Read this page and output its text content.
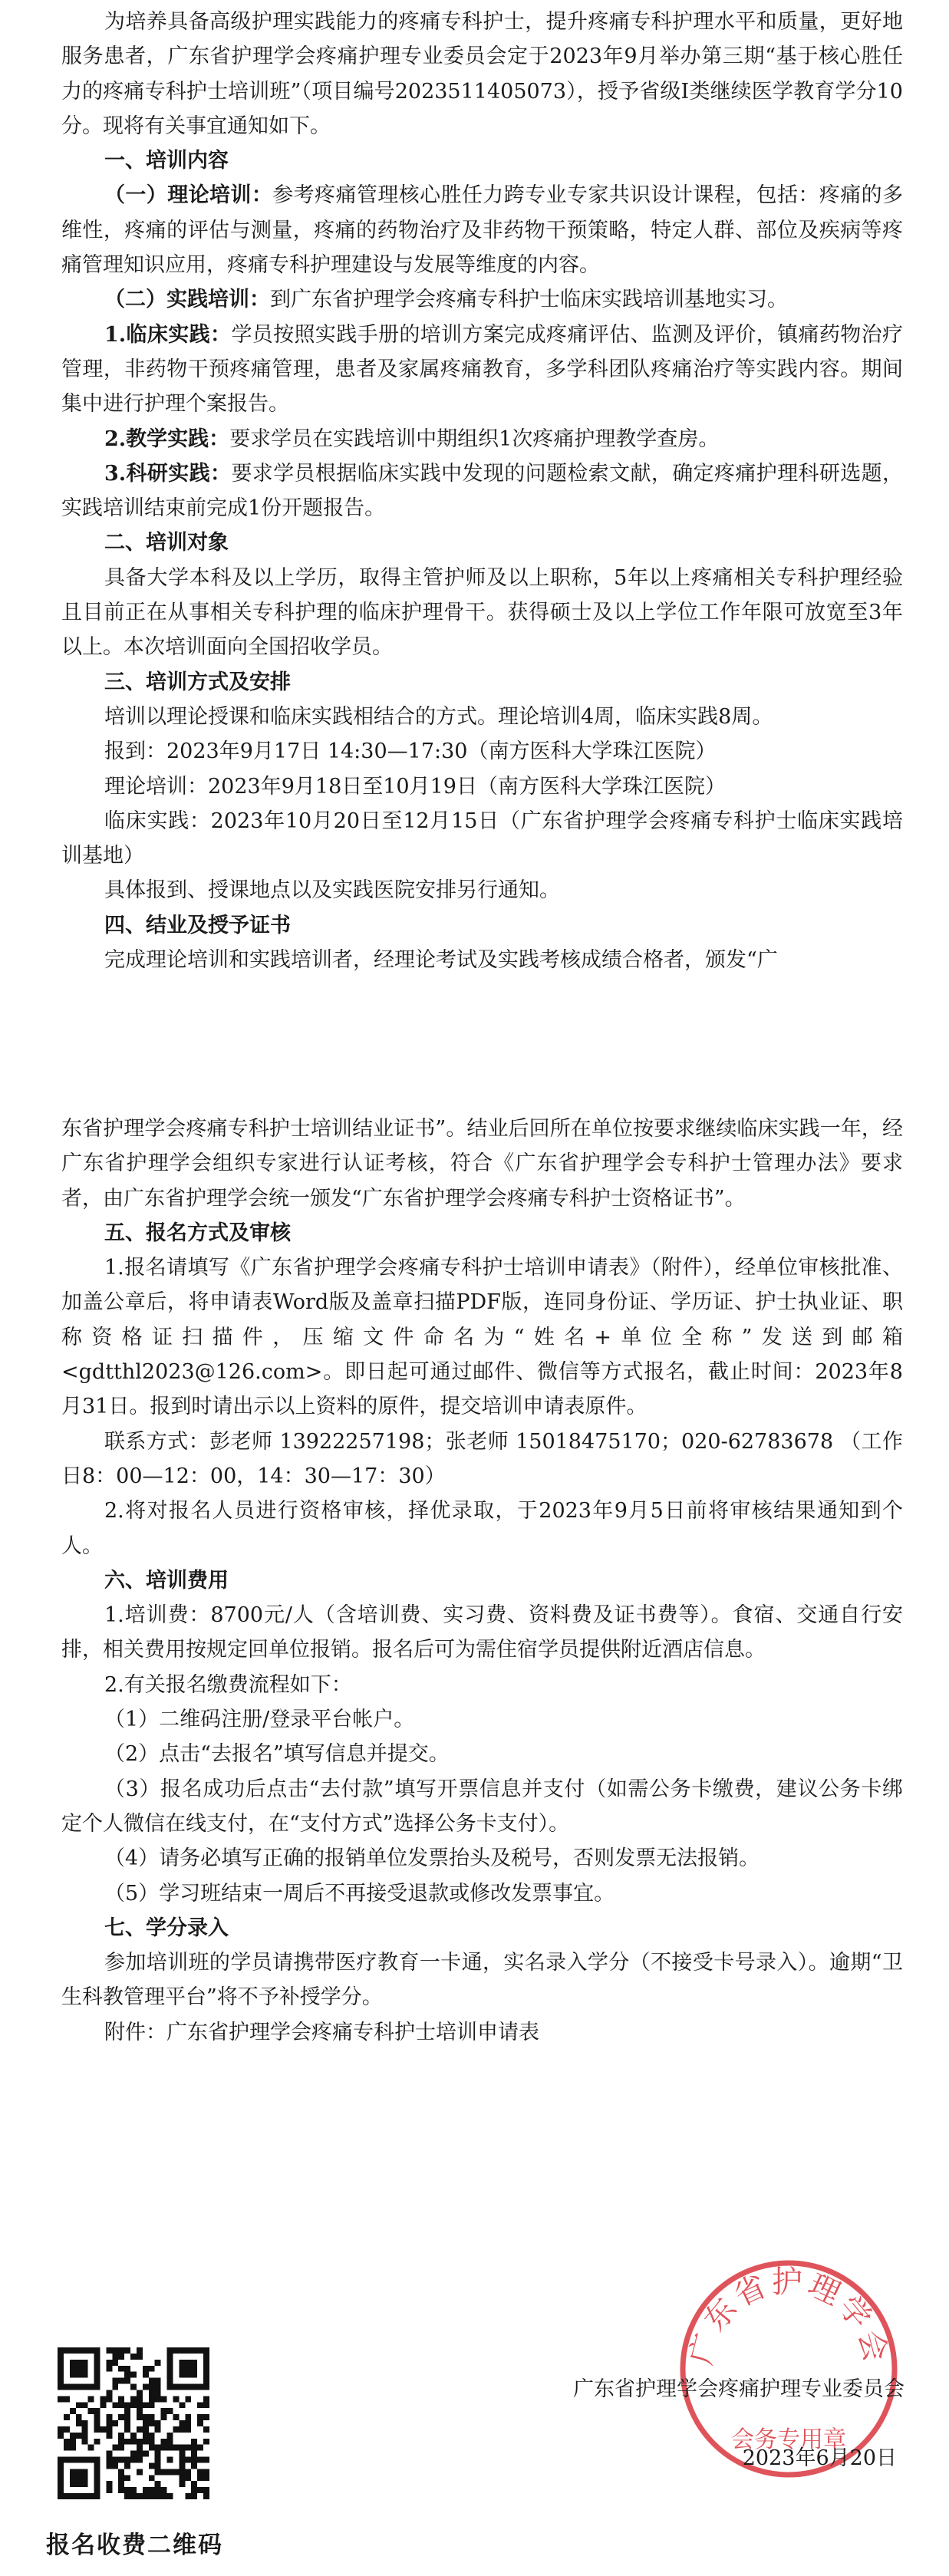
为培养具备高级护理实践能力的疼痛专科护士，提升疼痛专科护理水平和质量，更好地服务患者，广东省护理学会疼痛护理专业委员会定于2023年9月举办第三期“基于核心胜任力的疼痛专科护士培训班”（项目编号2023511405073），授予省级Ⅰ类继续医学教育学分10分。现将有关事宜通知如下。

一、培训内容

（一）理论培训：参考疼痛管理核心胜任力跨专业专家共识设计课程，包括：疼痛的多维性，疼痛的评估与测量，疼痛的药物治疗及非药物干预策略，特定人群、部位及疾病等疼痛管理知识应用，疼痛专科护理建设与发展等维度的内容。

（二）实践培训：到广东省护理学会疼痛专科护士临床实践培训基地实习。

1.临床实践：学员按照实践手册的培训方案完成疼痛评估、监测及评价，镇痛药物治疗管理，非药物干预疼痛管理，患者及家属疼痛教育，多学科团队疼痛治疗等实践内容。期间集中进行护理个案报告。

2.教学实践：要求学员在实践培训中期组织1次疼痛护理教学查房。

3.科研实践：要求学员根据临床实践中发现的问题检索文献，确定疼痛护理科研选题，实践培训结束前完成1份开题报告。

二、培训对象

具备大学本科及以上学历，取得主管护师及以上职称，5年以上疼痛相关专科护理经验且目前正在从事相关专科护理的临床护理骨干。获得硕士及以上学位工作年限可放宽至3年以上。本次培训面向全国招收学员。

三、培训方式及安排

培训以理论授课和临床实践相结合的方式。理论培训4周，临床实践8周。

报到：2023年9月17日 14:30—17:30（南方医科大学珠江医院）

理论培训：2023年9月18日至10月19日（南方医科大学珠江医院）

临床实践：2023年10月20日至12月15日（广东省护理学会疼痛专科护士临床实践培训基地）

具体报到、授课地点以及实践医院安排另行通知。

四、结业及授予证书

完成理论培训和实践培训者，经理论考试及实践考核成绩合格者，颁发“广

东省护理学会疼痛专科护士培训结业证书”。结业后回所在单位按要求继续临床实践一年，经广东省护理学会组织专家进行认证考核，符合《广东省护理学会专科护士管理办法》要求者，由广东省护理学会统一颁发“广东省护理学会疼痛专科护士资格证书”。

五、报名方式及审核

1.报名请填写《广东省护理学会疼痛专科护士培训申请表》（附件），经单位审核批准、加盖公章后，将申请表Word版及盖章扫描PDF版，连同身份证、学历证、护士执业证、职称资格证扫描件，压缩文件命名为“姓名+单位全称”发送到邮箱<gdtthl2023@126.com>。即日起可通过邮件、微信等方式报名，截止时间：2023年8月31日。报到时请出示以上资料的原件，提交培训申请表原件。

联系方式：彭老师 13922257198；张老师 15018475170；020-62783678 （工作日8：00—12：00，14：30—17：30）

2.将对报名人员进行资格审核，择优录取，于2023年9月5日前将审核结果通知到个人。

六、培训费用

1.培训费：8700元/人（含培训费、实习费、资料费及证书费等）。食宿、交通自行安排，相关费用按规定回单位报销。报名后可为需住宿学员提供附近酒店信息。

2.有关报名缴费流程如下：

（1）二维码注册/登录平台帐户。

（2）点击“去报名”填写信息并提交。

（3）报名成功后点击“去付款”填写开票信息并支付（如需公务卡缴费，建议公务卡绑定个人微信在线支付，在“支付方式”选择公务卡支付）。

（4）请务必填写正确的报销单位发票抬头及税号，否则发票无法报销。

（5）学习班结束一周后不再接受退款或修改发票事宜。

七、学分录入

参加培训班的学员请携带医疗教育一卡通，实名录入学分（不接受卡号录入）。逾期“卫生科教管理平台”将不予补授学分。

附件：广东省护理学会疼痛专科护士培训申请表

报名收费二维码
广东省护理学会
会务专用章
广东省护理学会疼痛护理专业委员会
2023年6月20日
